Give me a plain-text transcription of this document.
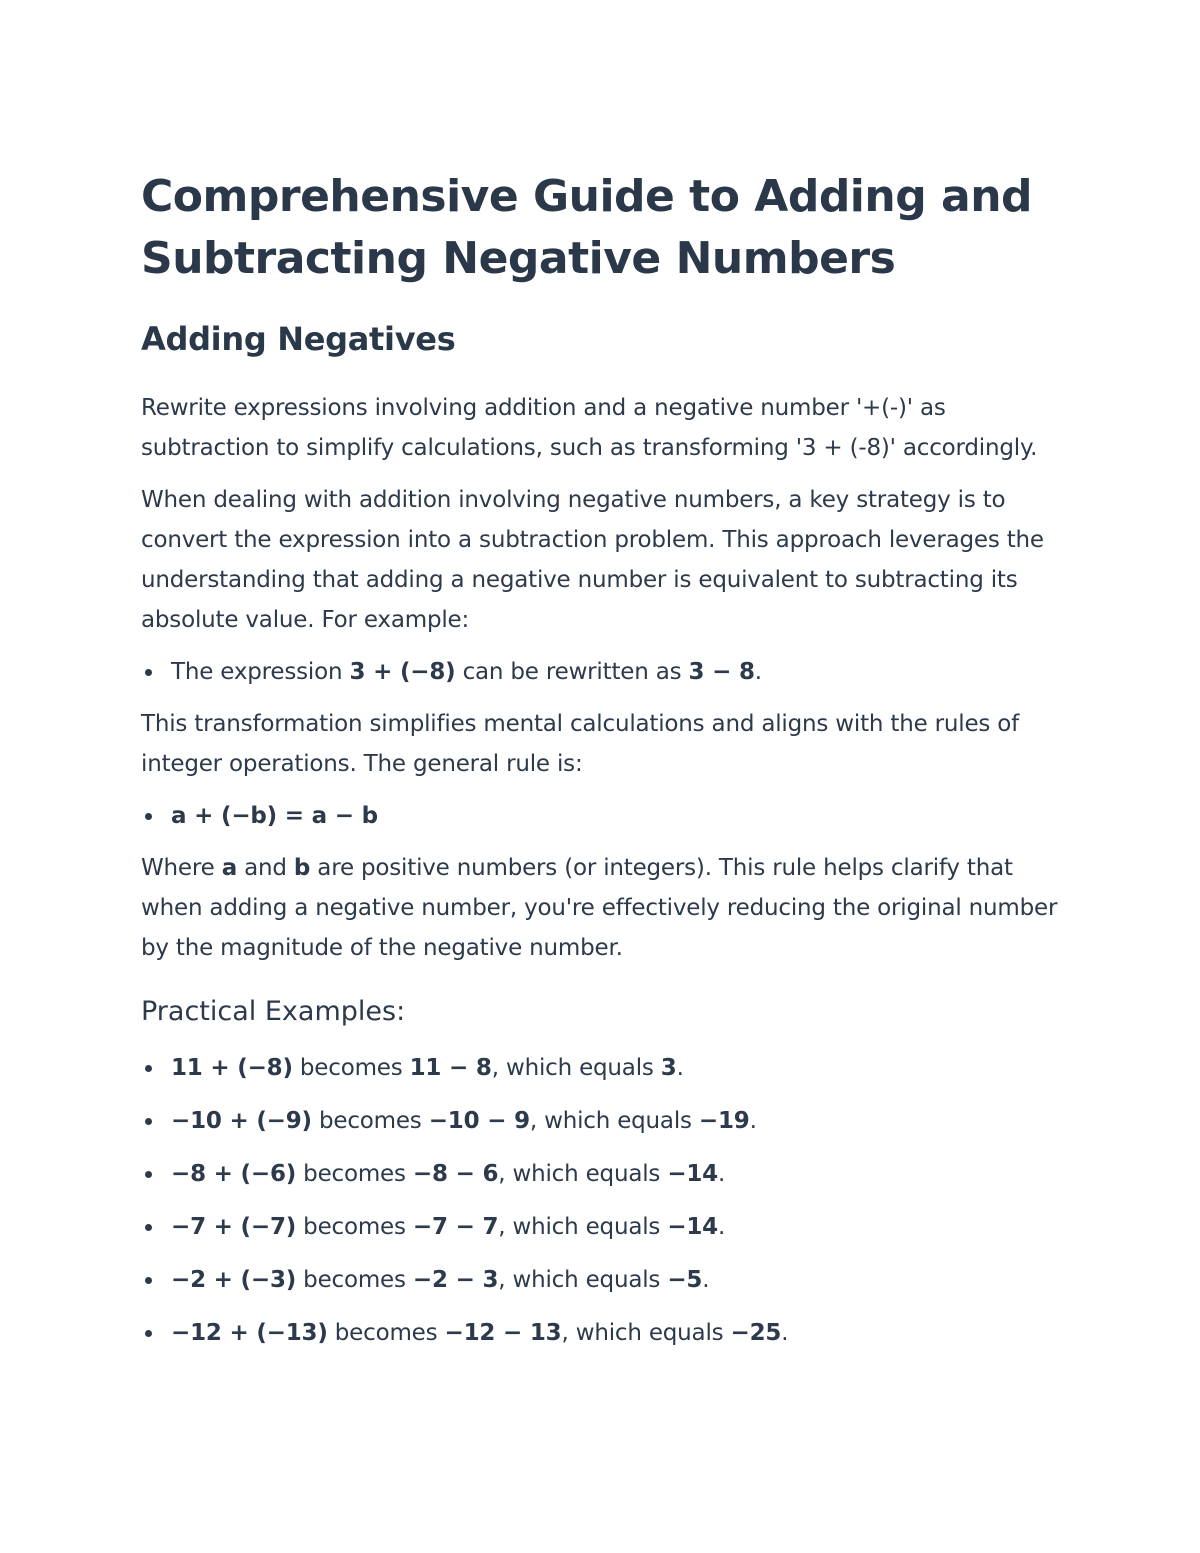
Comprehensive Guide to Adding and
Subtracting Negative Numbers
Adding Negatives

Rewrite expressions involving addition and a negative number '+(-)' as subtraction to simplify calculations, such as transforming '3 + (-8)' accordingly.

When dealing with addition involving negative numbers, a key strategy is to convert the expression into a subtraction problem. This approach leverages the understanding that adding a negative number is equivalent to subtracting its absolute value. For example:

The expression 3 + (−8) can be rewritten as 3 − 8.

This transformation simplifies mental calculations and aligns with the rules of integer operations. The general rule is:

a + (−b) = a − b

Where a and b are positive numbers (or integers). This rule helps clarify that when adding a negative number, you're effectively reducing the original number by the magnitude of the negative number.

Practical Examples:
11 + (−8) becomes 11 − 8, which equals 3.
−10 + (−9) becomes −10 − 9, which equals −19.
−8 + (−6) becomes −8 − 6, which equals −14.
−7 + (−7) becomes −7 − 7, which equals −14.
−2 + (−3) becomes −2 − 3, which equals −5.
−12 + (−13) becomes −12 − 13, which equals −25.
